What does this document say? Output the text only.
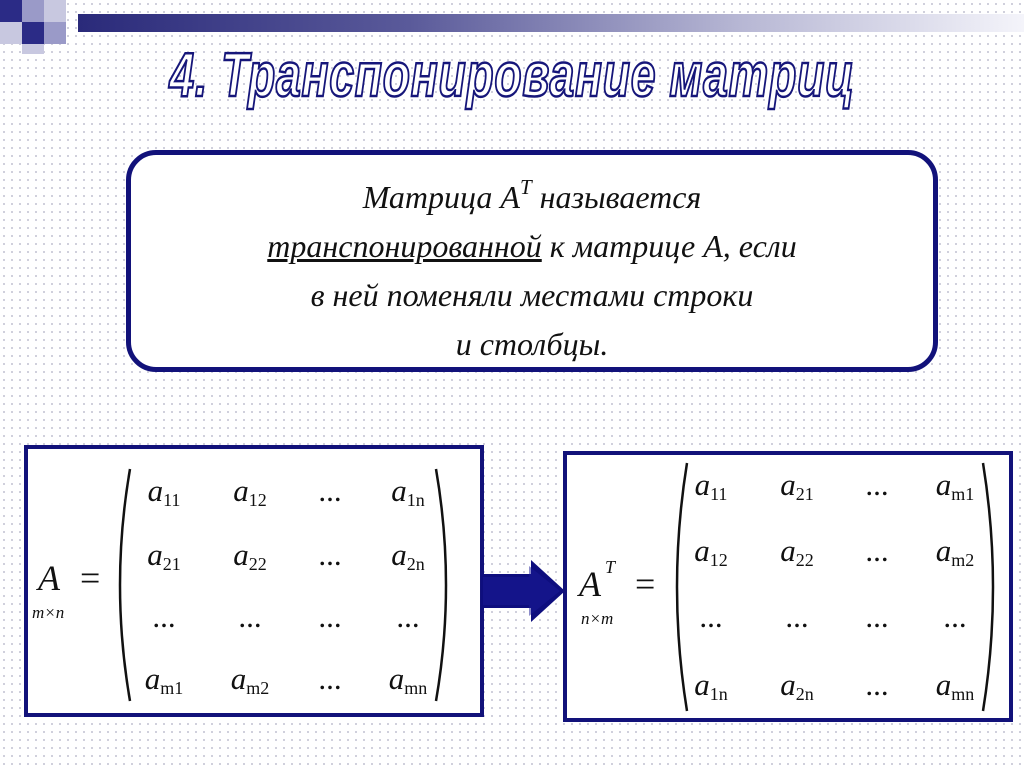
4. Транспонирование матриц
Матрица $А^Т$ называется
транспонированной к матрице А, если
в ней поменяли местами строки
и столбцы.
A
m×n
=
$a_{11}$	$a_{12}$	...	$a_{1n}$
$a_{21}$	$a_{22}$	...	$a_{2n}$
...	...	...	...
$a_{m1}$	$a_{m2}$	...	$a_{mn}$
A T
n×m
=
$a_{11}$	$a_{21}$	...	$a_{m1}$
$a_{12}$	$a_{22}$	...	$a_{m2}$
...	...	...	...
$a_{1n}$	$a_{2n}$	...	$a_{mn}$
